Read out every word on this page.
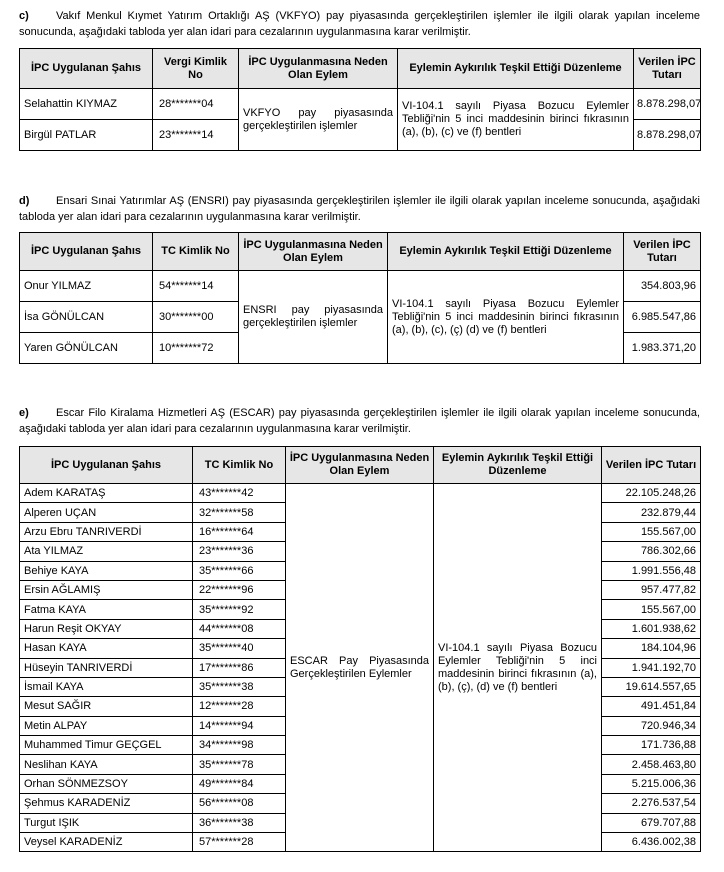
c) Vakıf Menkul Kıymet Yatırım Ortaklığı AŞ (VKFYO) pay piyasasında gerçekleştirilen işlemler ile ilgili olarak yapılan inceleme sonucunda, aşağıdaki tabloda yer alan idari para cezalarının uygulanmasına karar verilmiştir.
İPC Uygulanan Şahıs	Vergi Kimlik No	İPC Uygulanmasına Neden Olan Eylem	Eylemin Aykırılık Teşkil Ettiği Düzenleme	Verilen İPC Tutarı
Selahattin KIYMAZ	28*******04	VKFYO pay piyasasında gerçekleştirilen işlemler	VI-104.1 sayılı Piyasa Bozucu Eylemler Tebliği'nin 5 inci maddesinin birinci fıkrasının (a), (b), (c) ve (f) bentleri	8.878.298,07
Birgül PATLAR	23*******14			8.878.298,07
d) Ensari Sınai Yatırımlar AŞ (ENSRI) pay piyasasında gerçekleştirilen işlemler ile ilgili olarak yapılan inceleme sonucunda, aşağıdaki tabloda yer alan idari para cezalarının uygulanmasına karar verilmiştir.
İPC Uygulanan Şahıs	TC Kimlik No	İPC Uygulanmasına Neden Olan Eylem	Eylemin Aykırılık Teşkil Ettiği Düzenleme	Verilen İPC Tutarı
Onur YILMAZ	54*******14	ENSRI pay piyasasında gerçekleştirilen işlemler	VI-104.1 sayılı Piyasa Bozucu Eylemler Tebliği'nin 5 inci maddesinin birinci fıkrasının (a), (b), (c), (ç) (d) ve (f) bentleri	354.803,96
İsa GÖNÜLCAN	30*******00			6.985.547,86
Yaren GÖNÜLCAN	10*******72			1.983.371,20
e) Escar Filo Kiralama Hizmetleri AŞ (ESCAR) pay piyasasında gerçekleştirilen işlemler ile ilgili olarak yapılan inceleme sonucunda, aşağıdaki tabloda yer alan idari para cezalarının uygulanmasına karar verilmiştir.
İPC Uygulanan Şahıs	TC Kimlik No	İPC Uygulanmasına Neden Olan Eylem	Eylemin Aykırılık Teşkil Ettiği Düzenleme	Verilen İPC Tutarı
Adem KARATAŞ	43*******42	ESCAR Pay Piyasasında Gerçekleştirilen Eylemler	VI-104.1 sayılı Piyasa Bozucu Eylemler Tebliği'nin 5 inci maddesinin birinci fıkrasının (a), (b), (ç), (d) ve (f) bentleri	22.105.248,26
Alperen UÇAN	32*******58			232.879,44
Arzu Ebru TANRIVERDİ	16*******64			155.567,00
Ata YILMAZ	23*******36			786.302,66
Behiye KAYA	35*******66			1.991.556,48
Ersin AĞLAMIŞ	22*******96			957.477,82
Fatma KAYA	35*******92			155.567,00
Harun Reşit OKYAY	44*******08			1.601.938,62
Hasan KAYA	35*******40			184.104,96
Hüseyin TANRIVERDİ	17*******86			1.941.192,70
İsmail KAYA	35*******38			19.614.557,65
Mesut SAĞIR	12*******28			491.451,84
Metin ALPAY	14*******94			720.946,34
Muhammed Timur GEÇGEL	34*******98			171.736,88
Neslihan KAYA	35*******78			2.458.463,80
Orhan SÖNMEZSOY	49*******84			5.215.006,36
Şehmus KARADENİZ	56*******08			2.276.537,54
Turgut IŞIK	36*******38			679.707,88
Veysel KARADENİZ	57*******28			6.436.002,38
